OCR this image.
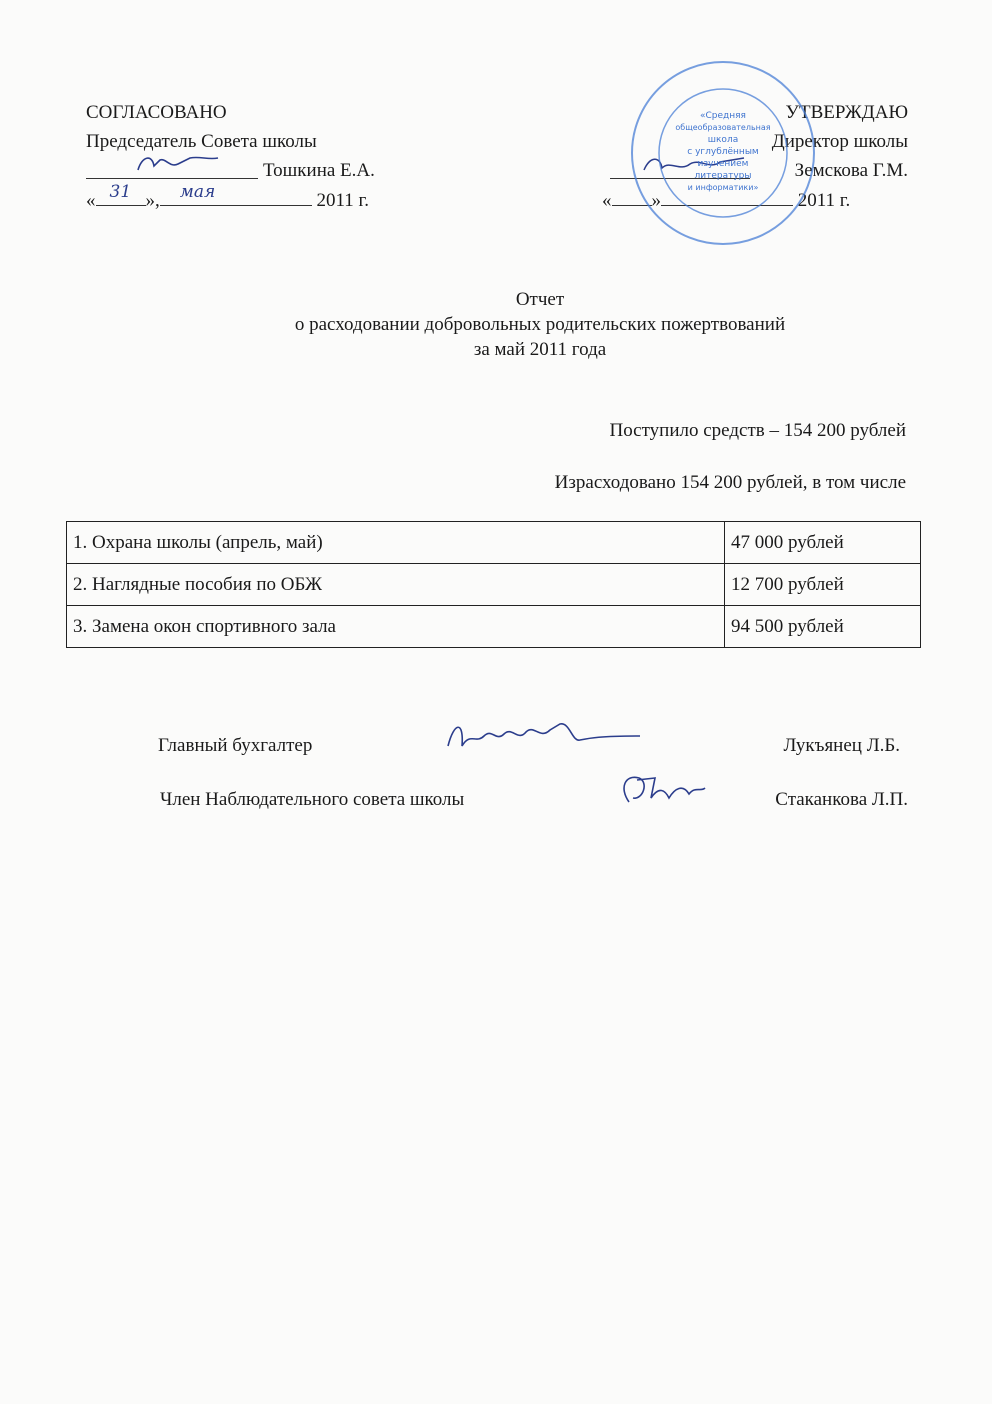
СОГЛАСОВАНО
Председатель Совета школы
Тошкина Е.А.
« 31 », мая	2011 г.
УТВЕРЖДАЮ
Директор школы
Земскова Г.М.
« »	2011 г.
«Средняя
общеобразовательная
школа
с углублённым
изучением
литературы
и информатики»
Отчет
о расходовании добровольных родительских пожертвований
за май 2011 года
Поступило средств – 154 200 рублей
Израсходовано 154 200 рублей, в том числе
1. Охрана школы (апрель, май)	47 000 рублей
2. Наглядные пособия по ОБЖ	12 700 рублей
3. Замена окон спортивного зала	94 500 рублей
Главный бухгалтер	Лукъянец Л.Б.
Член Наблюдательного совета школы	Стаканкова Л.П.
